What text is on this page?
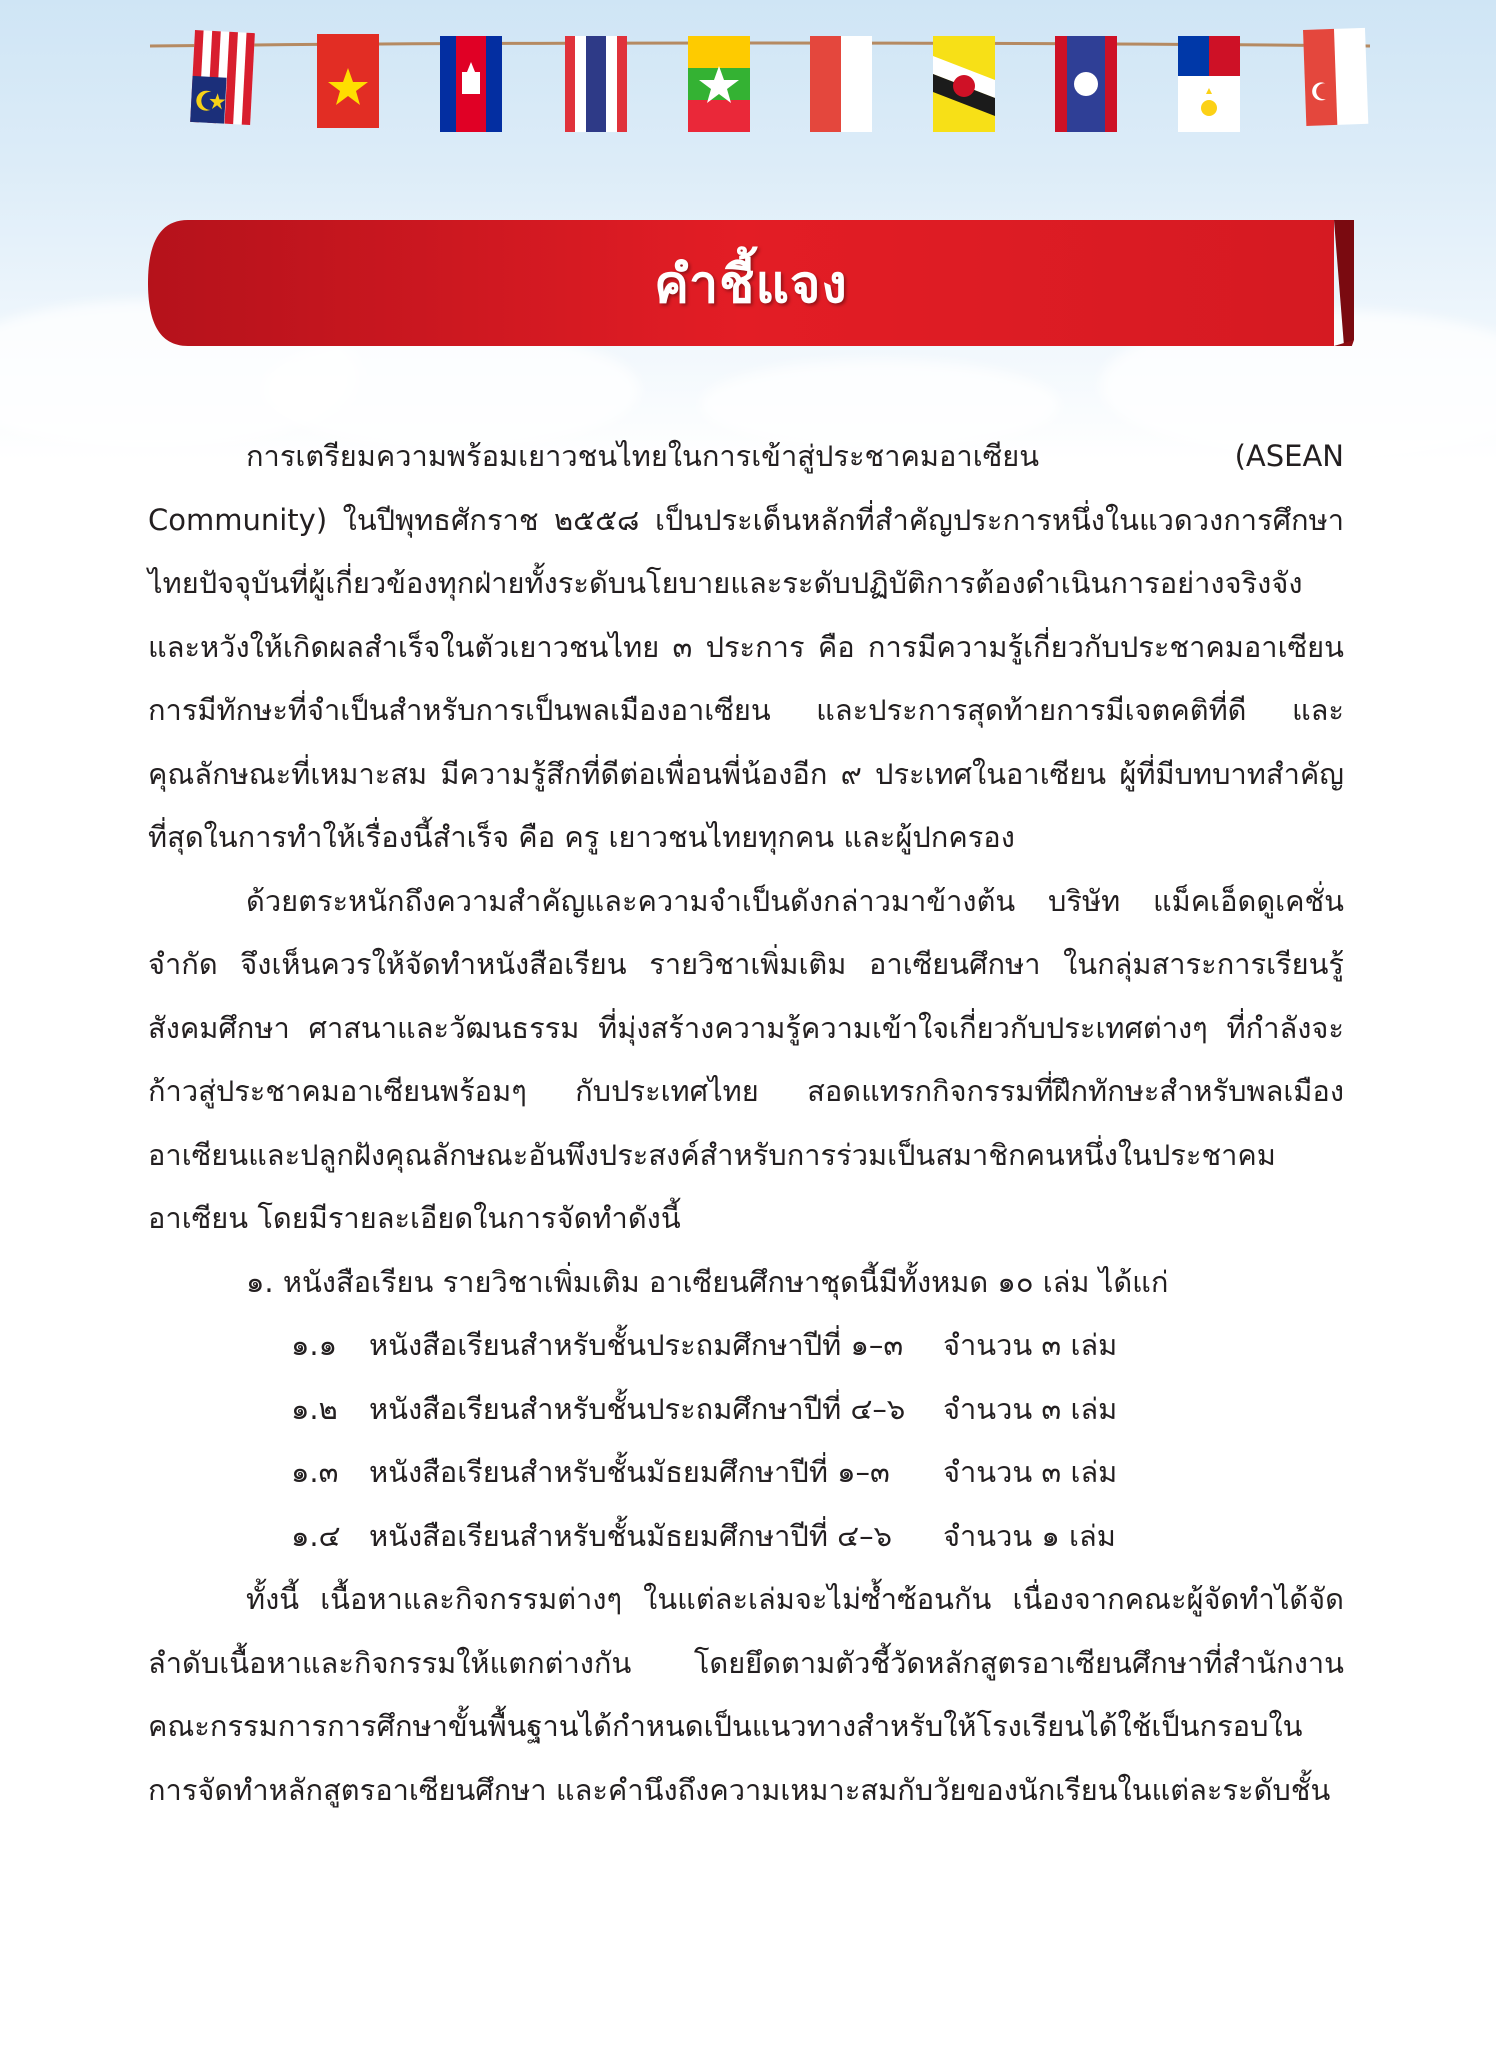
คำชี้แจง

การเตรียมความพร้อมเยาวชนไทยในการเข้าสู่ประชาคมอาเซียน (ASEAN Community) ในปีพุทธศักราช ๒๕๕๘ เป็นประเด็นหลักที่สำคัญประการหนึ่งในแวดวงการศึกษาไทยปัจจุบันที่ผู้เกี่ยวข้องทุกฝ่ายทั้งระดับนโยบายและระดับปฏิบัติการต้องดำเนินการอย่างจริงจังและหวังให้เกิดผลสำเร็จในตัวเยาวชนไทย ๓ ประการ คือ การมีความรู้เกี่ยวกับประชาคมอาเซียน การมีทักษะที่จำเป็นสำหรับการเป็นพลเมืองอาเซียน และประการสุดท้ายการมีเจตคติที่ดี และคุณลักษณะที่เหมาะสม มีความรู้สึกที่ดีต่อเพื่อนพี่น้องอีก ๙ ประเทศในอาเซียน ผู้ที่มีบทบาทสำคัญที่สุดในการทำให้เรื่องนี้สำเร็จ คือ ครู เยาวชนไทยทุกคน และผู้ปกครอง

ด้วยตระหนักถึงความสำคัญและความจำเป็นดังกล่าวมาข้างต้น บริษัท แม็คเอ็ดดูเคชั่น จำกัด จึงเห็นควรให้จัดทำหนังสือเรียน รายวิชาเพิ่มเติม อาเซียนศึกษา ในกลุ่มสาระการเรียนรู้สังคมศึกษา ศาสนาและวัฒนธรรม ที่มุ่งสร้างความรู้ความเข้าใจเกี่ยวกับประเทศต่างๆ ที่กำลังจะก้าวสู่ประชาคมอาเซียนพร้อมๆ กับประเทศไทย สอดแทรกกิจกรรมที่ฝึกทักษะสำหรับพลเมืองอาเซียนและปลูกฝังคุณลักษณะอันพึงประสงค์สำหรับการร่วมเป็นสมาชิกคนหนึ่งในประชาคมอาเซียน โดยมีรายละเอียดในการจัดทำดังนี้

๑. หนังสือเรียน รายวิชาเพิ่มเติม อาเซียนศึกษาชุดนี้มีทั้งหมด ๑๐ เล่ม ได้แก่

๑.๑	หนังสือเรียนสำหรับชั้นประถมศึกษาปีที่ ๑–๓	จำนวน ๓ เล่ม
๑.๒	หนังสือเรียนสำหรับชั้นประถมศึกษาปีที่ ๔–๖	จำนวน ๓ เล่ม
๑.๓	หนังสือเรียนสำหรับชั้นมัธยมศึกษาปีที่ ๑–๓	จำนวน ๓ เล่ม
๑.๔ หนังสือเรียนสำหรับชั้นมัธยมศึกษาปีที่ ๔–๖	จำนวน ๑ เล่ม

ทั้งนี้ เนื้อหาและกิจกรรมต่างๆ ในแต่ละเล่มจะไม่ซ้ำซ้อนกัน เนื่องจากคณะผู้จัดทำได้จัดลำดับเนื้อหาและกิจกรรมให้แตกต่างกัน โดยยึดตามตัวชี้วัดหลักสูตรอาเซียนศึกษาที่สำนักงานคณะกรรมการการศึกษาขั้นพื้นฐานได้กำหนดเป็นแนวทางสำหรับให้โรงเรียนได้ใช้เป็นกรอบในการจัดทำหลักสูตรอาเซียนศึกษา และคำนึงถึงความเหมาะสมกับวัยของนักเรียนในแต่ละระดับชั้น
